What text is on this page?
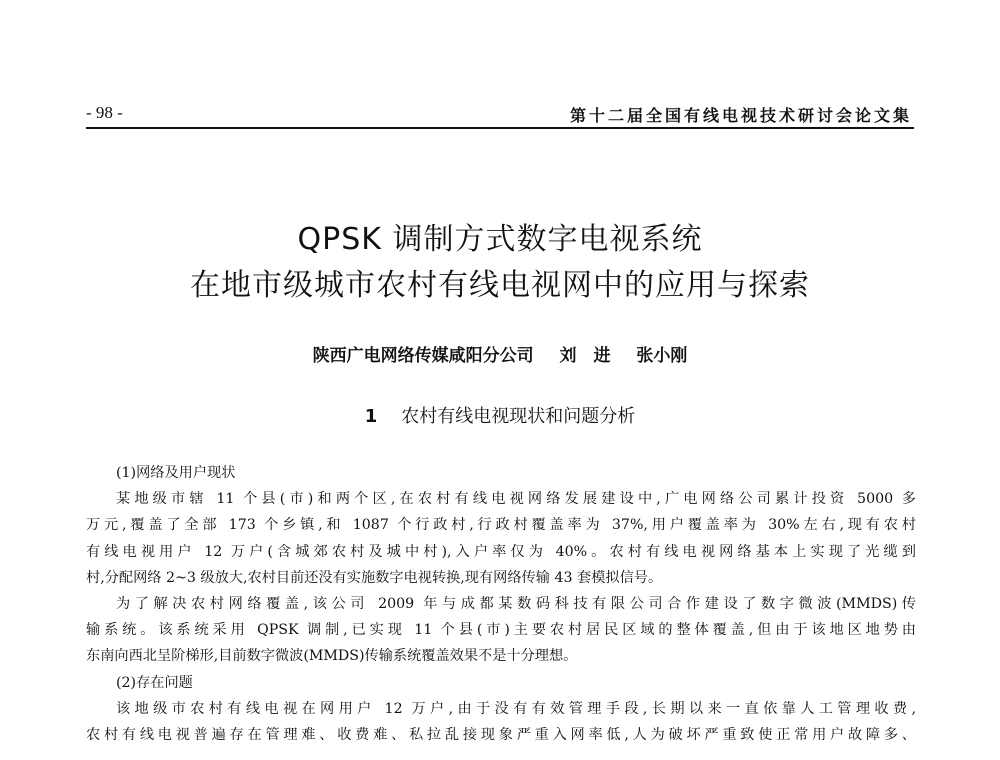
- 98 -	第十二届全国有线电视技术研讨会论文集
QPSK 调制方式数字电视系统
在地市级城市农村有线电视网中的应用与探索
陕西广电网络传媒咸阳分公司 刘　进 张小刚
1 农村有线电视现状和问题分析
(1)网络及用户现状
某地级市辖 11 个县(市)和两个区,在农村有线电视网络发展建设中,广电网络公司累计投资 5000 多
万元,覆盖了全部 173 个乡镇,和 1087 个行政村,行政村覆盖率为 37%,用户覆盖率为 30%左右,现有农村
有线电视用户 12 万户(含城郊农村及城中村),入户率仅为 40%。农村有线电视网络基本上实现了光缆到
村,分配网络 2~3 级放大,农村目前还没有实施数字电视转换,现有网络传输 43 套模拟信号。
为了解决农村网络覆盖,该公司 2009 年与成都某数码科技有限公司合作建设了数字微波(MMDS)传
输系统。该系统采用 QPSK 调制,已实现 11 个县(市)主要农村居民区域的整体覆盖,但由于该地区地势由
东南向西北呈阶梯形,目前数字微波(MMDS)传输系统覆盖效果不是十分理想。
(2)存在问题
该地级市农村有线电视在网用户 12 万户,由于没有有效管理手段,长期以来一直依靠人工管理收费,
农村有线电视普遍存在管理难、收费难、私拉乱接现象严重入网率低,人为破坏严重致使正常用户故障多、
